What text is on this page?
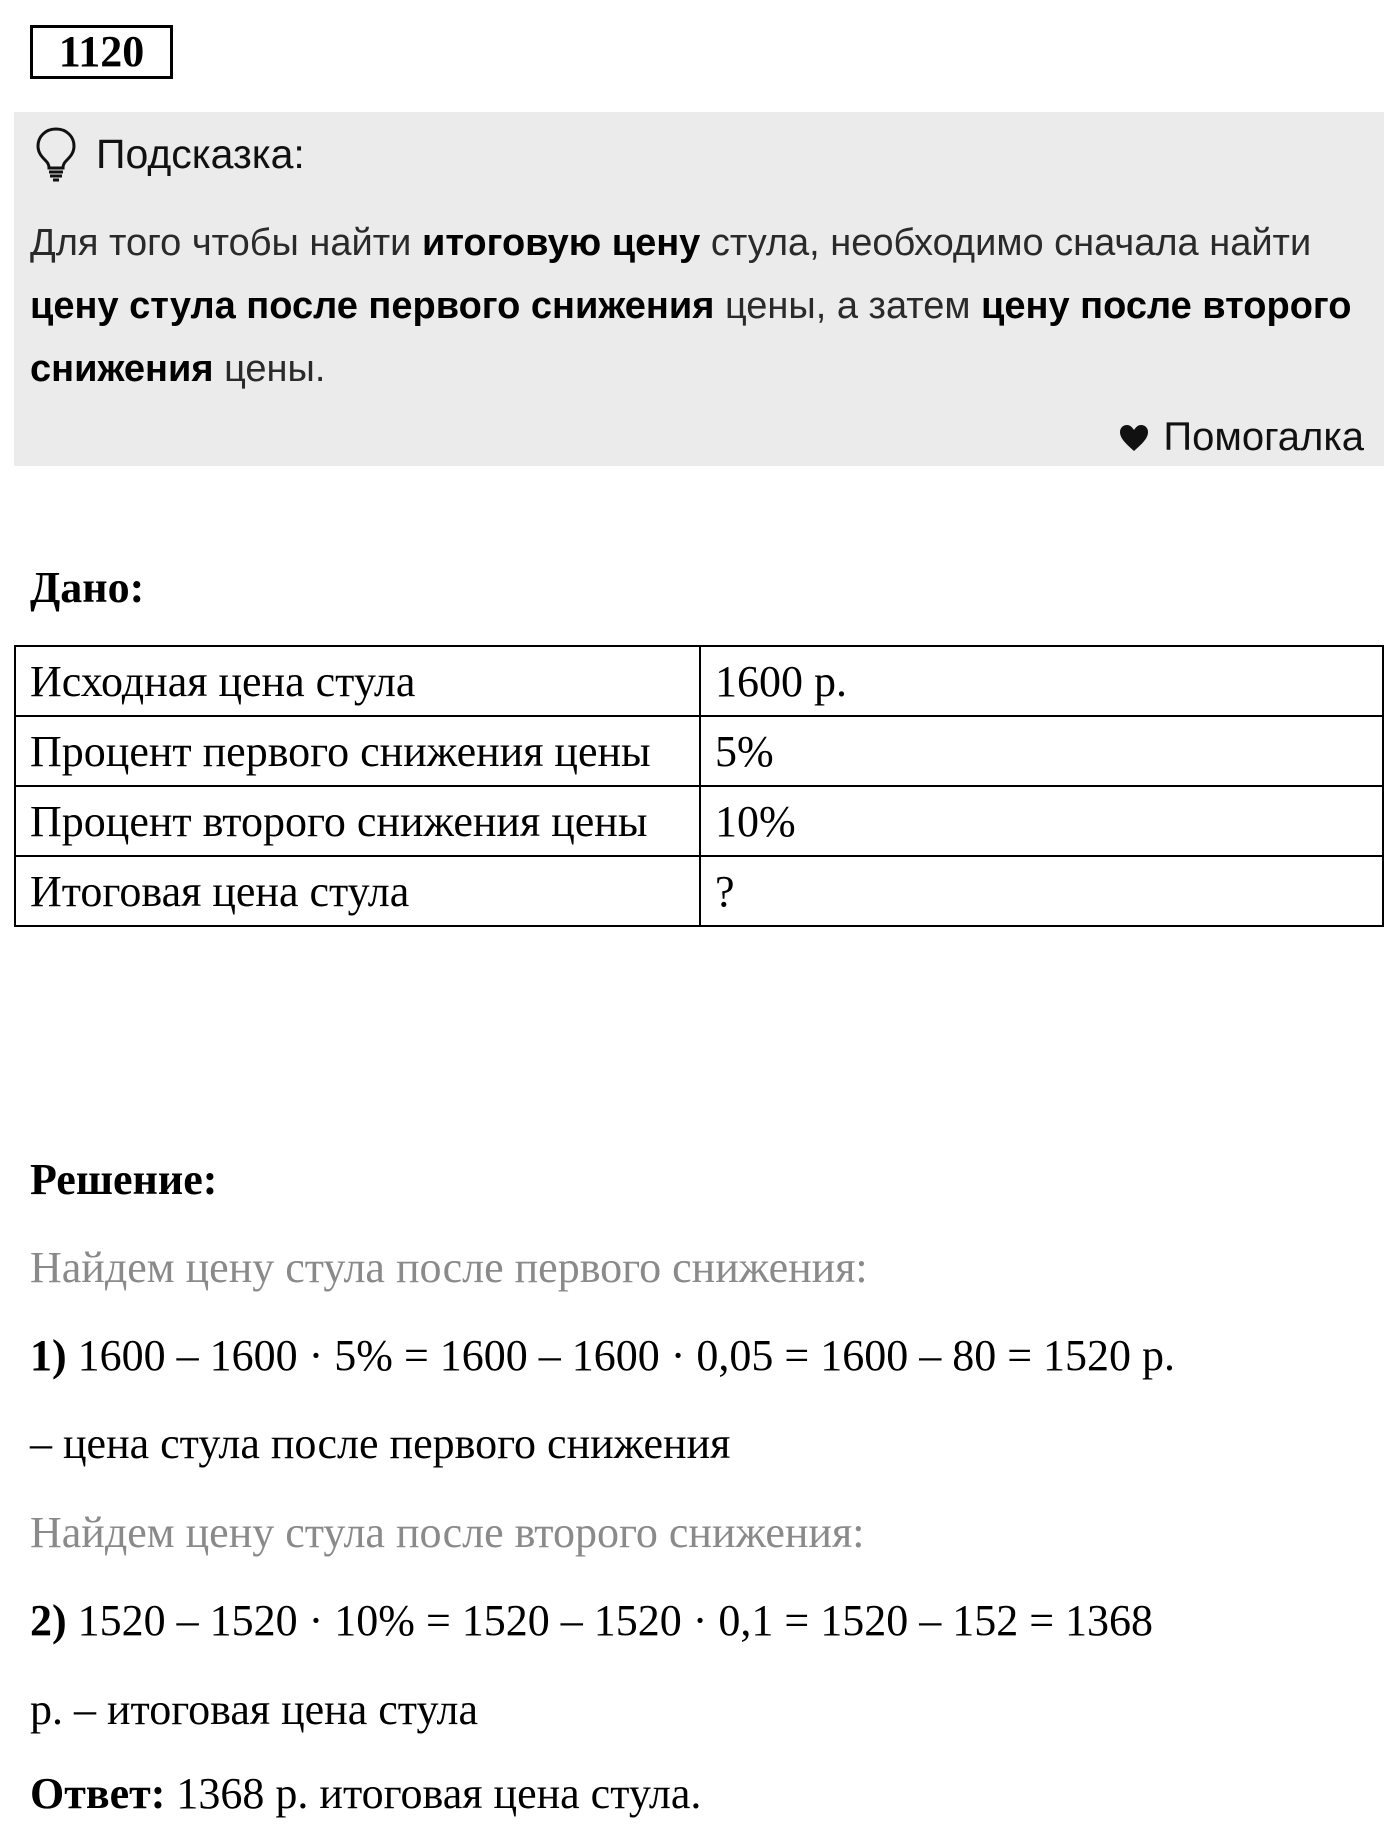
1120
Подсказка:
Для того чтобы найти итоговую цену стула, необходимо сначала найти цену стула после первого снижения цены, а затем цену после второго снижения цены.
Помогалка
Дано:
Исходная цена стула	1600 р.
Процент первого снижения цены	5%
Процент второго снижения цены	10%
Итоговая цена стула	?
Решение:
Найдем цену стула после первого снижения:
1) 1600 – 1600 · 5% = 1600 – 1600 · 0,05 = 1600 – 80 = 1520 р.
– цена стула после первого снижения
Найдем цену стула после второго снижения:
2) 1520 – 1520 · 10% = 1520 – 1520 · 0,1 = 1520 – 152 = 1368
р. – итоговая цена стула
Ответ: 1368 р. итоговая цена стула.
